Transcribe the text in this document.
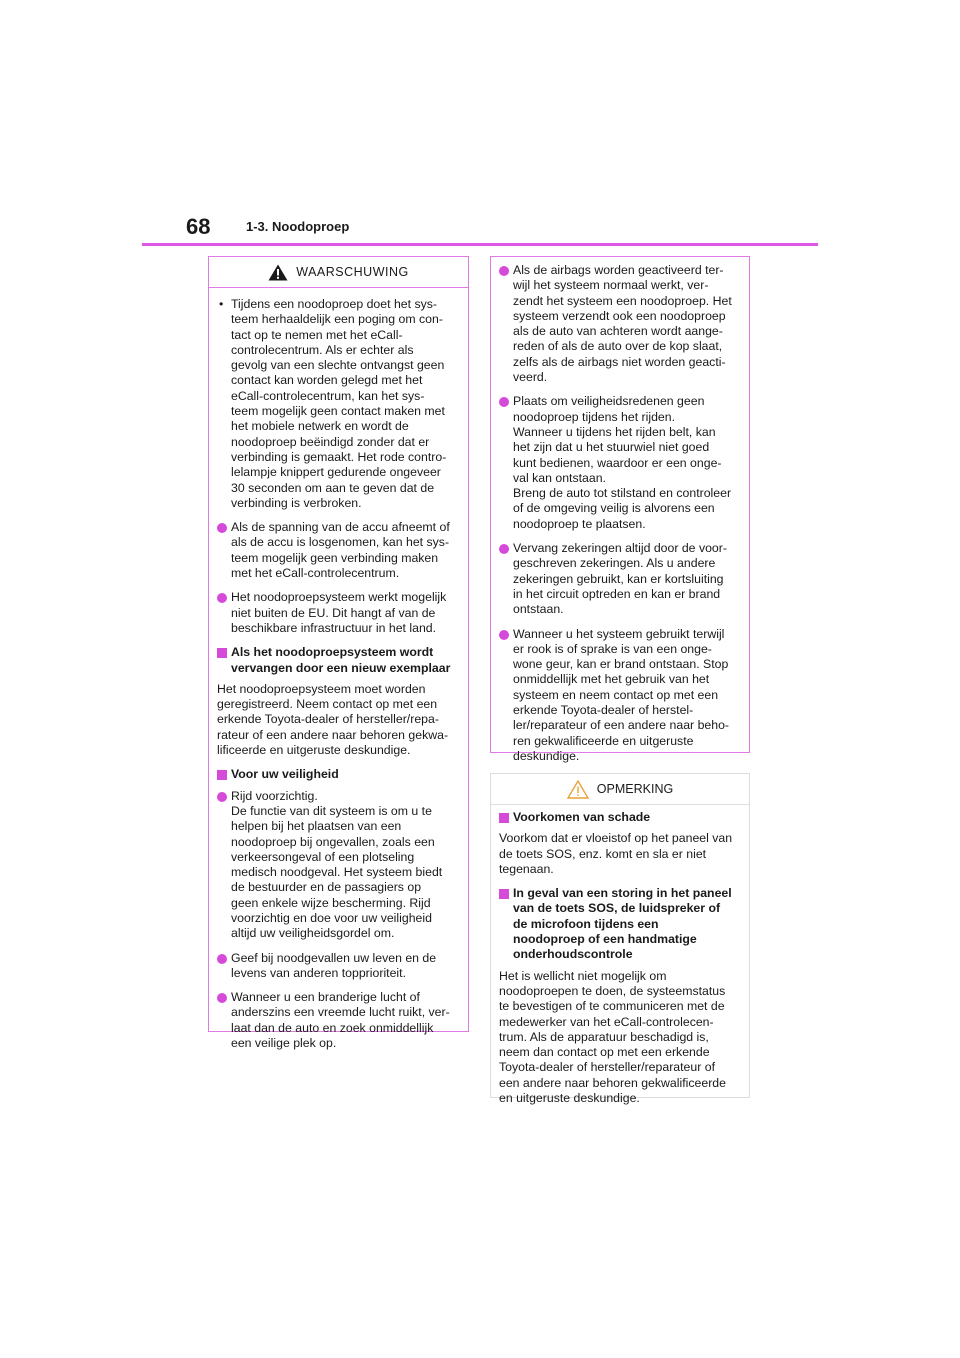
68	1-3. Noodoproep
WAARSCHUWING
• Tijdens een noodoproep doet het sys-
teem herhaaldelijk een poging om con-
tact op te nemen met het eCall-
controlecentrum. Als er echter als
gevolg van een slechte ontvangst geen
contact kan worden gelegd met het
eCall-controlecentrum, kan het sys-
teem mogelijk geen contact maken met
het mobiele netwerk en wordt de
noodoproep beëindigd zonder dat er
verbinding is gemaakt. Het rode contro-
lelampje knippert gedurende ongeveer
30 seconden om aan te geven dat de
verbinding is verbroken.
Als de spanning van de accu afneemt of
als de accu is losgenomen, kan het sys-
teem mogelijk geen verbinding maken
met het eCall-controlecentrum.
Het noodoproepsysteem werkt mogelijk
niet buiten de EU. Dit hangt af van de
beschikbare infrastructuur in het land.
Als het noodoproepsysteem wordt
vervangen door een nieuw exemplaar
Het noodoproepsysteem moet worden
geregistreerd. Neem contact op met een
erkende Toyota-dealer of hersteller/repa-
rateur of een andere naar behoren gekwa-
lificeerde en uitgeruste deskundige.
Voor uw veiligheid
Rijd voorzichtig.
De functie van dit systeem is om u te
helpen bij het plaatsen van een
noodoproep bij ongevallen, zoals een
verkeersongeval of een plotseling
medisch noodgeval. Het systeem biedt
de bestuurder en de passagiers op
geen enkele wijze bescherming. Rijd
voorzichtig en doe voor uw veiligheid
altijd uw veiligheidsgordel om.
Geef bij noodgevallen uw leven en de
levens van anderen topprioriteit.
Wanneer u een branderige lucht of
anderszins een vreemde lucht ruikt, ver-
laat dan de auto en zoek onmiddellijk
een veilige plek op.
Als de airbags worden geactiveerd ter-
wijl het systeem normaal werkt, ver-
zendt het systeem een noodoproep. Het
systeem verzendt ook een noodoproep
als de auto van achteren wordt aange-
reden of als de auto over de kop slaat,
zelfs als de airbags niet worden geacti-
veerd.
Plaats om veiligheidsredenen geen
noodoproep tijdens het rijden.
Wanneer u tijdens het rijden belt, kan
het zijn dat u het stuurwiel niet goed
kunt bedienen, waardoor er een onge-
val kan ontstaan.
Breng de auto tot stilstand en controleer
of de omgeving veilig is alvorens een
noodoproep te plaatsen.
Vervang zekeringen altijd door de voor-
geschreven zekeringen. Als u andere
zekeringen gebruikt, kan er kortsluiting
in het circuit optreden en kan er brand
ontstaan.
Wanneer u het systeem gebruikt terwijl
er rook is of sprake is van een onge-
wone geur, kan er brand ontstaan. Stop
onmiddellijk met het gebruik van het
systeem en neem contact op met een
erkende Toyota-dealer of herstel-
ler/reparateur of een andere naar beho-
ren gekwalificeerde en uitgeruste
deskundige.
OPMERKING
Voorkomen van schade
Voorkom dat er vloeistof op het paneel van
de toets SOS, enz. komt en sla er niet
tegenaan.
In geval van een storing in het paneel
van de toets SOS, de luidspreker of
de microfoon tijdens een
noodoproep of een handmatige
onderhoudscontrole
Het is wellicht niet mogelijk om
noodoproepen te doen, de systeemstatus
te bevestigen of te communiceren met de
medewerker van het eCall-controlecen-
trum. Als de apparatuur beschadigd is,
neem dan contact op met een erkende
Toyota-dealer of hersteller/reparateur of
een andere naar behoren gekwalificeerde
en uitgeruste deskundige.
